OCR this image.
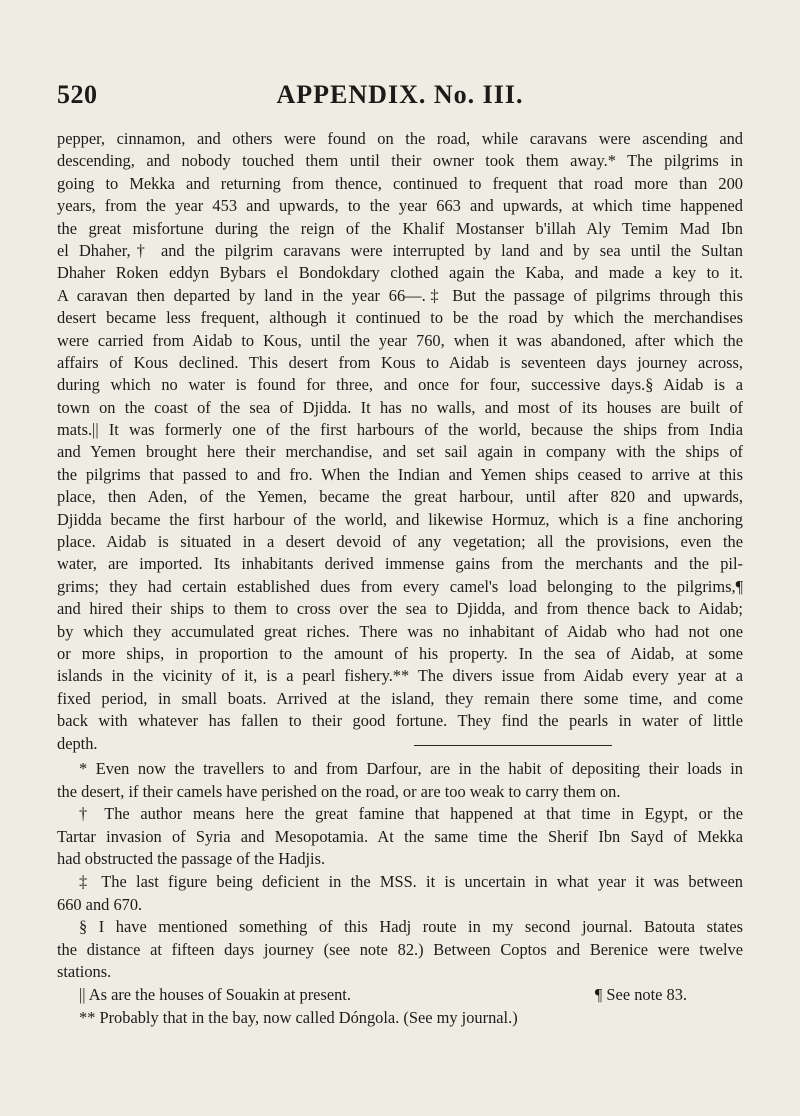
520	APPENDIX. No. III.
pepper, cinnamon, and others were found on the road, while caravans were ascending and
descending, and nobody touched them until their owner took them away.* The pilgrims in
going to Mekka and returning from thence, continued to frequent that road more than 200
years, from the year 453 and upwards, to the year 663 and upwards, at which time happened
the great misfortune during the reign of the Khalif Mostanser b'illah Aly Temim Mad Ibn
el Dhaher,† and the pilgrim caravans were interrupted by land and by sea until the Sultan
Dhaher Roken eddyn Bybars el Bondokdary clothed again the Kaba, and made a key to it.
A caravan then departed by land in the year 66—.‡ But the passage of pilgrims through this
desert became less frequent, although it continued to be the road by which the merchandises
were carried from Aidab to Kous, until the year 760, when it was abandoned, after which the
affairs of Kous declined. This desert from Kous to Aidab is seventeen days journey across,
during which no water is found for three, and once for four, successive days.§ Aidab is a
town on the coast of the sea of Djidda. It has no walls, and most of its houses are built of
mats.|| It was formerly one of the first harbours of the world, because the ships from India
and Yemen brought here their merchandise, and set sail again in company with the ships of
the pilgrims that passed to and fro. When the Indian and Yemen ships ceased to arrive at this
place, then Aden, of the Yemen, became the great harbour, until after 820 and upwards,
Djidda became the first harbour of the world, and likewise Hormuz, which is a fine anchoring
place. Aidab is situated in a desert devoid of any vegetation; all the provisions, even the
water, are imported. Its inhabitants derived immense gains from the merchants and the pil-
grims; they had certain established dues from every camel's load belonging to the pilgrims,¶
and hired their ships to them to cross over the sea to Djidda, and from thence back to Aidab;
by which they accumulated great riches. There was no inhabitant of Aidab who had not one
or more ships, in proportion to the amount of his property. In the sea of Aidab, at some
islands in the vicinity of it, is a pearl fishery.** The divers issue from Aidab every year at a
fixed period, in small boats. Arrived at the island, they remain there some time, and come
back with whatever has fallen to their good fortune. They find the pearls in water of little
depth.
* Even now the travellers to and from Darfour, are in the habit of depositing their loads in
the desert, if their camels have perished on the road, or are too weak to carry them on.
† The author means here the great famine that happened at that time in Egypt, or the
Tartar invasion of Syria and Mesopotamia. At the same time the Sherif Ibn Sayd of Mekka
had obstructed the passage of the Hadjis.
‡ The last figure being deficient in the MSS. it is uncertain in what year it was between
660 and 670.
§ I have mentioned something of this Hadj route in my second journal. Batouta states
the distance at fifteen days journey (see note 82.) Between Coptos and Berenice were twelve
stations.
|| As are the houses of Souakin at present.	¶ See note 83.
** Probably that in the bay, now called Dóngola. (See my journal.)
